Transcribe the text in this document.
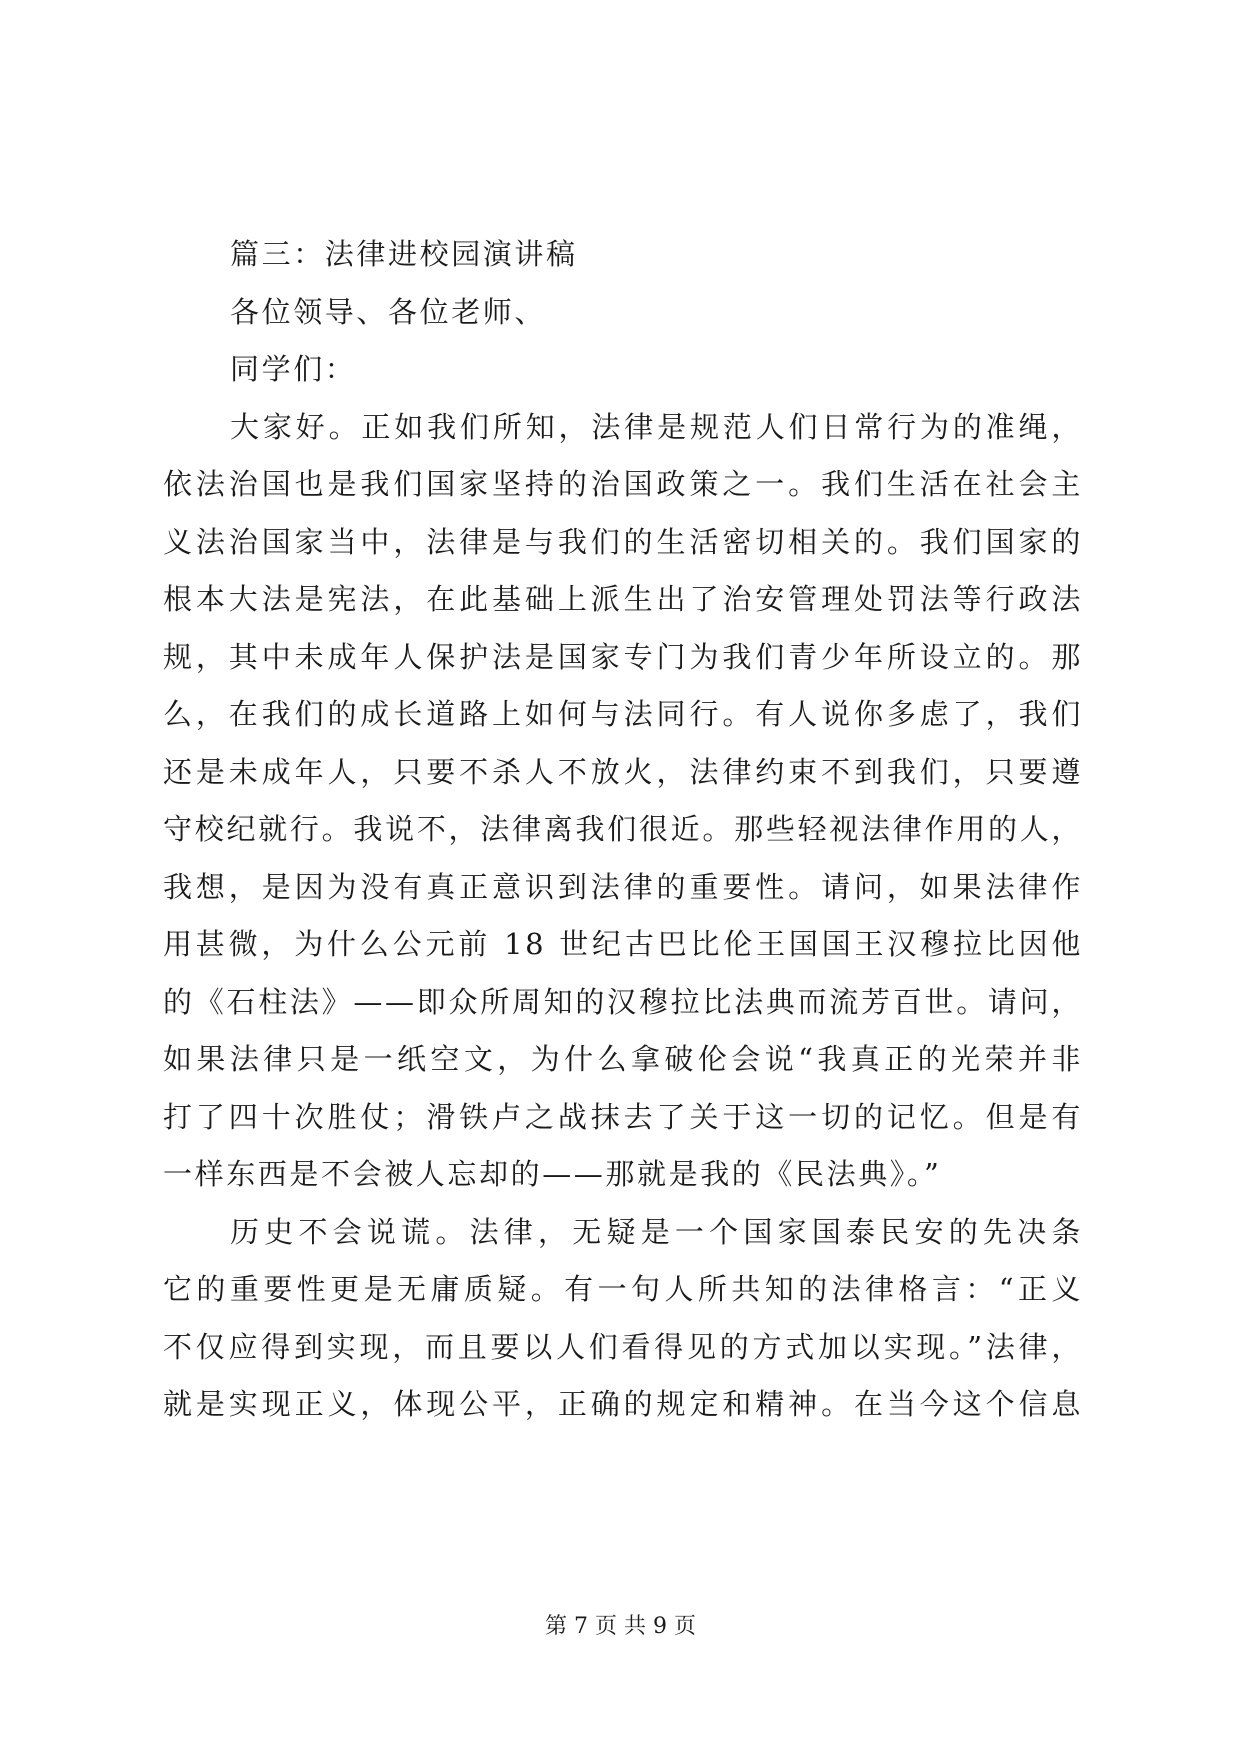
篇三：法律进校园演讲稿
各位领导、各位老师、
同学们：
大家好。正如我们所知，法律是规范人们日常行为的准绳，
依法治国也是我们国家坚持的治国政策之一。我们生活在社会主
义法治国家当中，法律是与我们的生活密切相关的。我们国家的
根本大法是宪法，在此基础上派生出了治安管理处罚法等行政法
规，其中未成年人保护法是国家专门为我们青少年所设立的。那
么，在我们的成长道路上如何与法同行。有人说你多虑了，我们
还是未成年人，只要不杀人不放火，法律约束不到我们，只要遵
守校纪就行。我说不，法律离我们很近。那些轻视法律作用的人，
我想，是因为没有真正意识到法律的重要性。请问，如果法律作
用甚微，为什么公元前 18 世纪古巴比伦王国国王汉穆拉比因他
的《石柱法》——即众所周知的汉穆拉比法典而流芳百世。请问，
如果法律只是一纸空文，为什么拿破伦会说“我真正的光荣并非
打了四十次胜仗；滑铁卢之战抹去了关于这一切的记忆。但是有
一样东西是不会被人忘却的——那就是我的《民法典》。”
历史不会说谎。法律，无疑是一个国家国泰民安的先决条
它的重要性更是无庸质疑。有一句人所共知的法律格言：“正义
不仅应得到实现，而且要以人们看得见的方式加以实现。”法律，
就是实现正义，体现公平，正确的规定和精神。在当今这个信息
第 7 页 共 9 页
